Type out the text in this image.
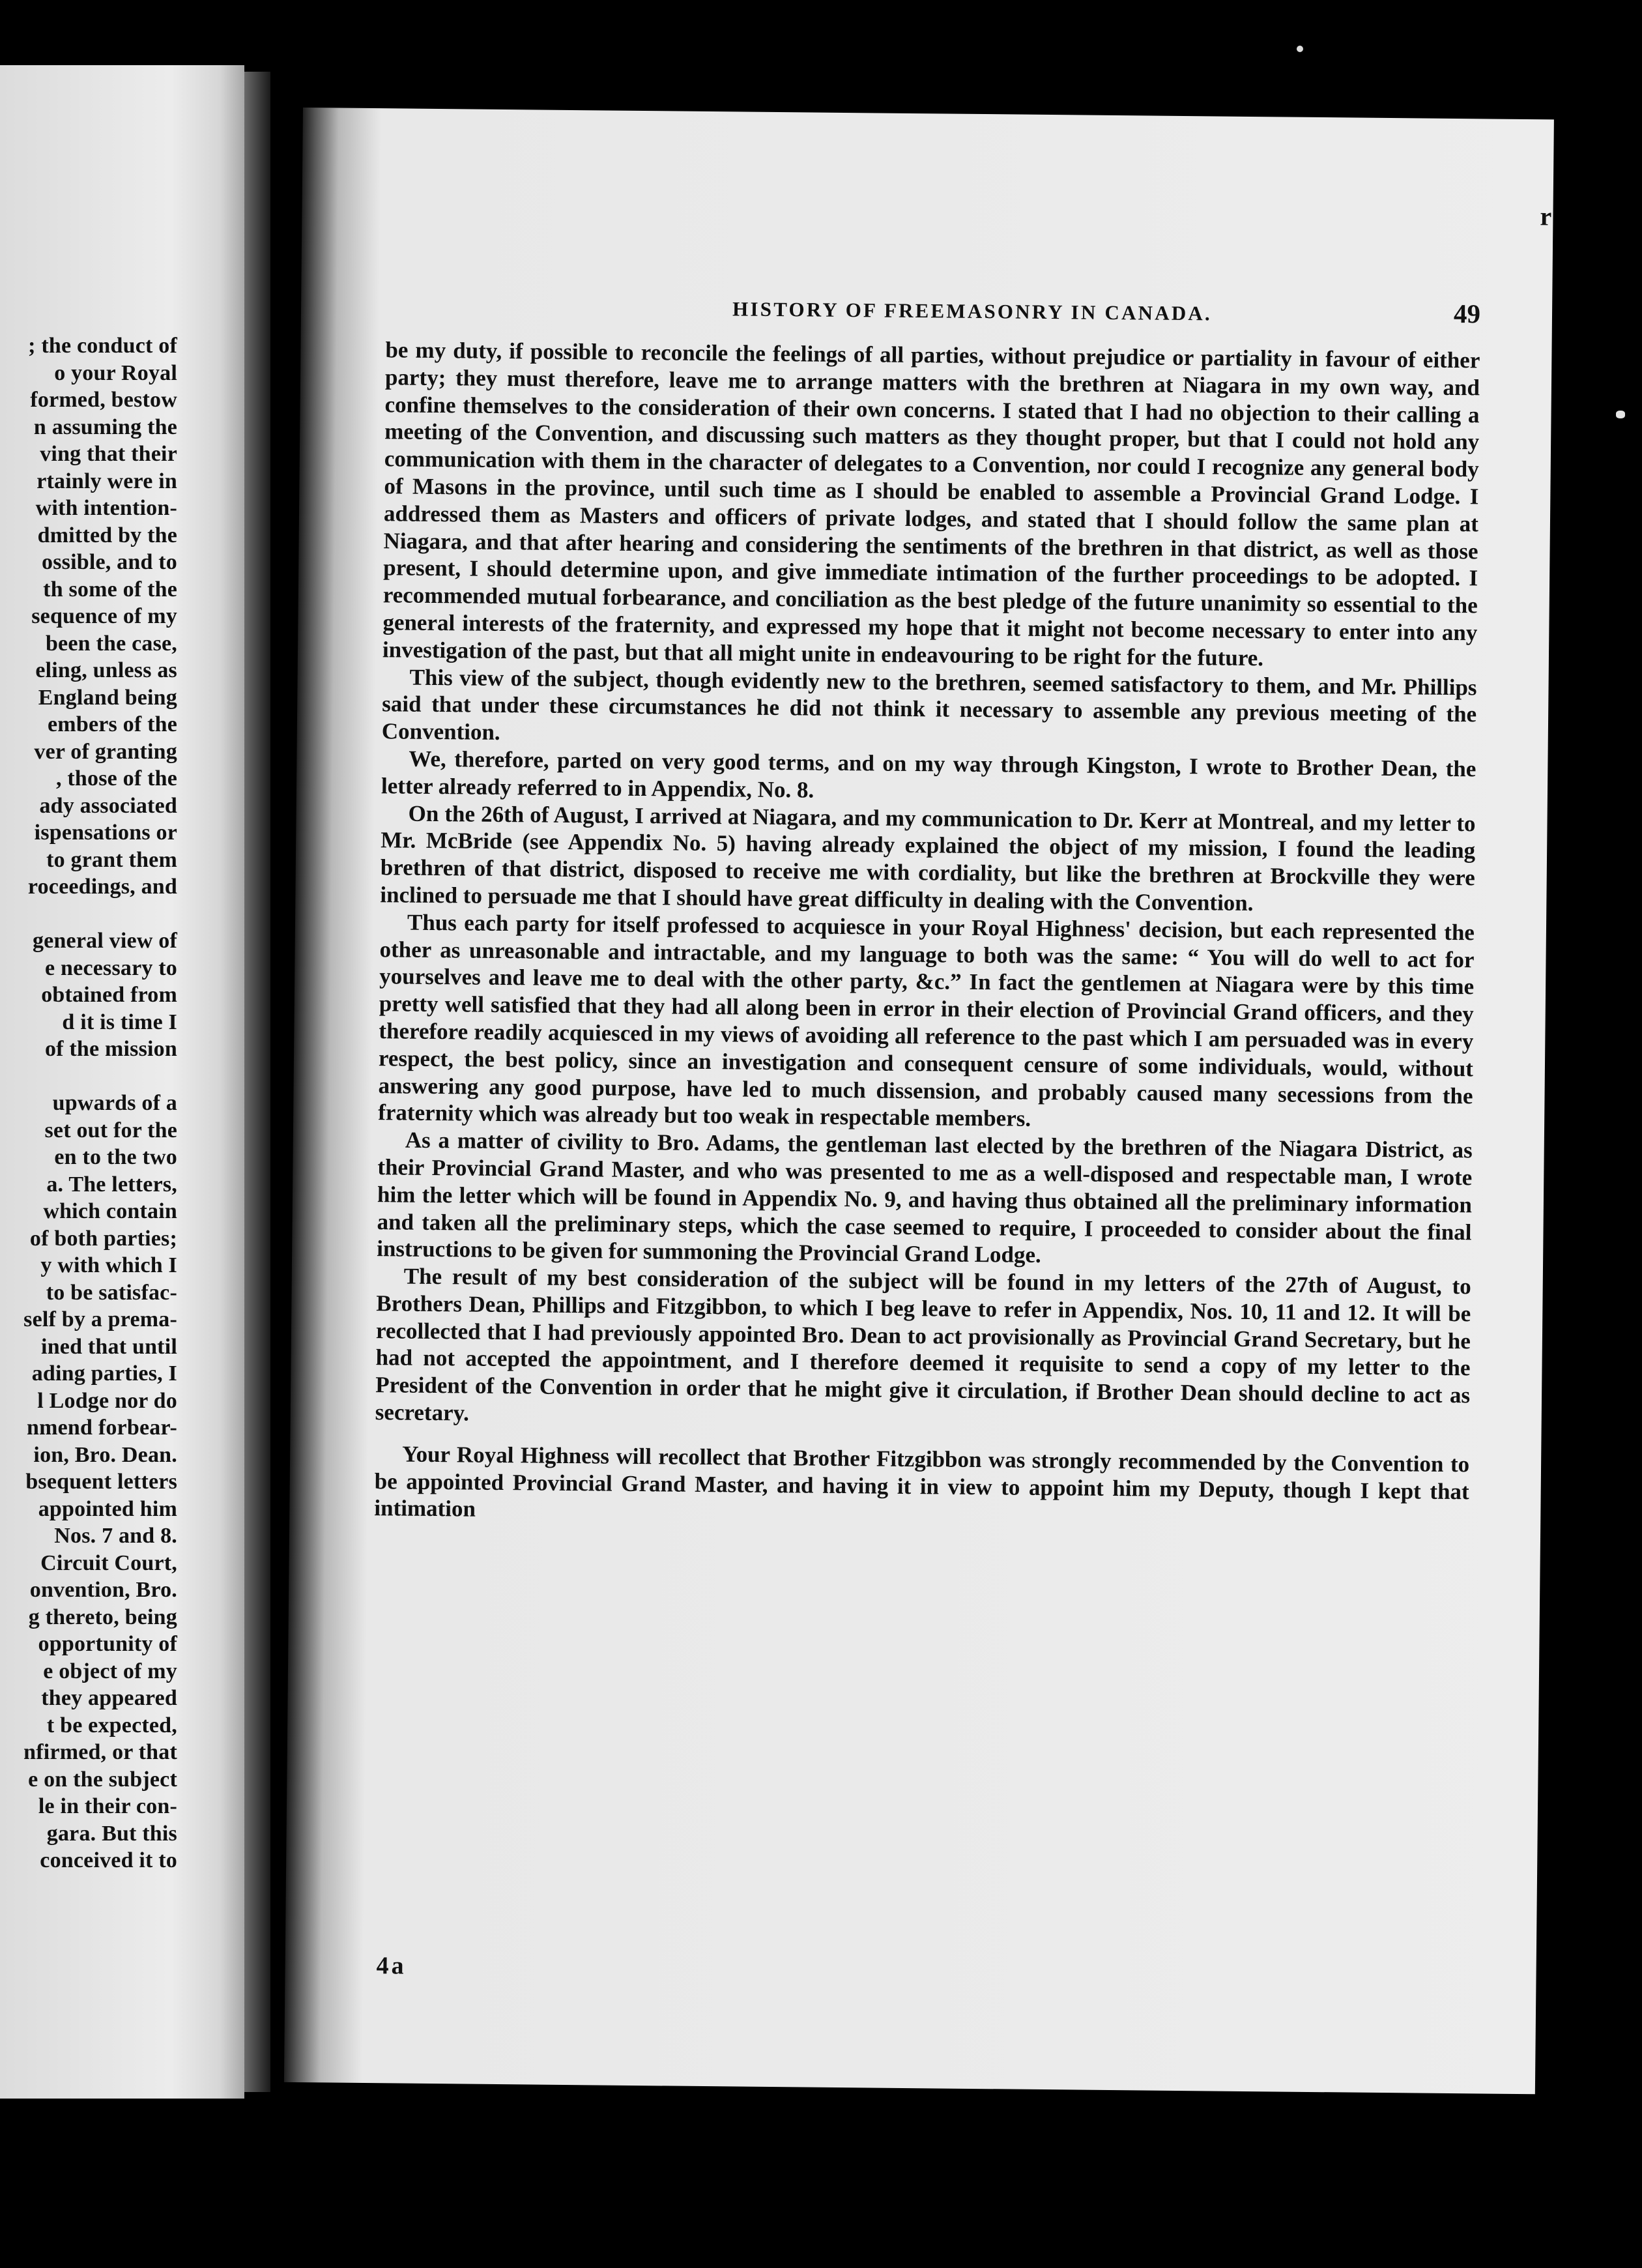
; the conduct of
o your Royal
formed, bestow
n assuming the
ving that their
rtainly were in
with intention-
dmitted by the
ossible, and to
th some of the
sequence of my
been the case,
eling, unless as
England being
embers of the
ver of granting
, those of the
ady associated
ispensations or
to grant them
roceedings, and
general view of
e necessary to
obtained from
d it is time I
of the mission
upwards of a
set out for the
en to the two
a. The letters,
which contain
of both parties;
y with which I
to be satisfac-
self by a prema-
ined that until
ading parties, I
l Lodge nor do
nmend forbear-
ion, Bro. Dean.
bsequent letters
appointed him
Nos. 7 and 8.
Circuit Court,
onvention, Bro.
g thereto, being
opportunity of
e object of my
they appeared
t be expected,
nfirmed, or that
e on the subject
le in their con-
gara. But this
conceived it to
r
HISTORY OF FREEMASONRY IN CANADA.	49

be my duty, if possible to reconcile the feelings of all parties, without prejudice or partiality in favour of either party; they must therefore, leave me to arrange matters with the brethren at Niagara in my own way, and confine themselves to the consideration of their own concerns. I stated that I had no objection to their calling a meeting of the Convention, and discussing such matters as they thought proper, but that I could not hold any communication with them in the character of delegates to a Convention, nor could I recognize any general body of Masons in the province, until such time as I should be enabled to assemble a Provincial Grand Lodge. I addressed them as Masters and officers of private lodges, and stated that I should follow the same plan at Niagara, and that after hearing and considering the sentiments of the brethren in that district, as well as those present, I should determine upon, and give immediate intimation of the further proceedings to be adopted. I recommended mutual forbearance, and conciliation as the best pledge of the future unanimity so essential to the general interests of the fraternity, and expressed my hope that it might not become necessary to enter into any investigation of the past, but that all might unite in endeavouring to be right for the future.

This view of the subject, though evidently new to the brethren, seemed satisfactory to them, and Mr. Phillips said that under these circumstances he did not think it necessary to assemble any previous meeting of the Convention.

We, therefore, parted on very good terms, and on my way through Kingston, I wrote to Brother Dean, the letter already referred to in Appendix, No. 8.

On the 26th of August, I arrived at Niagara, and my communication to Dr. Kerr at Montreal, and my letter to Mr. McBride (see Appendix No. 5) having already explained the object of my mission, I found the leading brethren of that district, disposed to receive me with cordiality, but like the brethren at Brockville they were inclined to persuade me that I should have great difficulty in dealing with the Convention.

Thus each party for itself professed to acquiesce in your Royal Highness' decision, but each represented the other as unreasonable and intractable, and my language to both was the same: “ You will do well to act for yourselves and leave me to deal with the other party, &c.” In fact the gentlemen at Niagara were by this time pretty well satisfied that they had all along been in error in their election of Provincial Grand officers, and they therefore readily acquiesced in my views of avoiding all reference to the past which I am persuaded was in every respect, the best policy, since an investigation and consequent censure of some individuals, would, without answering any good purpose, have led to much dissension, and probably caused many secessions from the fraternity which was already but too weak in respectable members.

As a matter of civility to Bro. Adams, the gentleman last elected by the brethren of the Niagara District, as their Provincial Grand Master, and who was presented to me as a well-disposed and respectable man, I wrote him the letter which will be found in Appendix No. 9, and having thus obtained all the preliminary information and taken all the preliminary steps, which the case seemed to require, I proceeded to consider about the final instructions to be given for summoning the Provincial Grand Lodge.

The result of my best consideration of the subject will be found in my letters of the 27th of August, to Brothers Dean, Phillips and Fitzgibbon, to which I beg leave to refer in Appendix, Nos. 10, 11 and 12. It will be recollected that I had previously appointed Bro. Dean to act provisionally as Provincial Grand Secretary, but he had not accepted the appointment, and I therefore deemed it requisite to send a copy of my letter to the President of the Convention in order that he might give it circulation, if Brother Dean should decline to act as secretary.

Your Royal Highness will recollect that Brother Fitzgibbon was strongly recommended by the Convention to be appointed Provincial Grand Master, and having it in view to appoint him my Deputy, though I kept that intimation

4a
